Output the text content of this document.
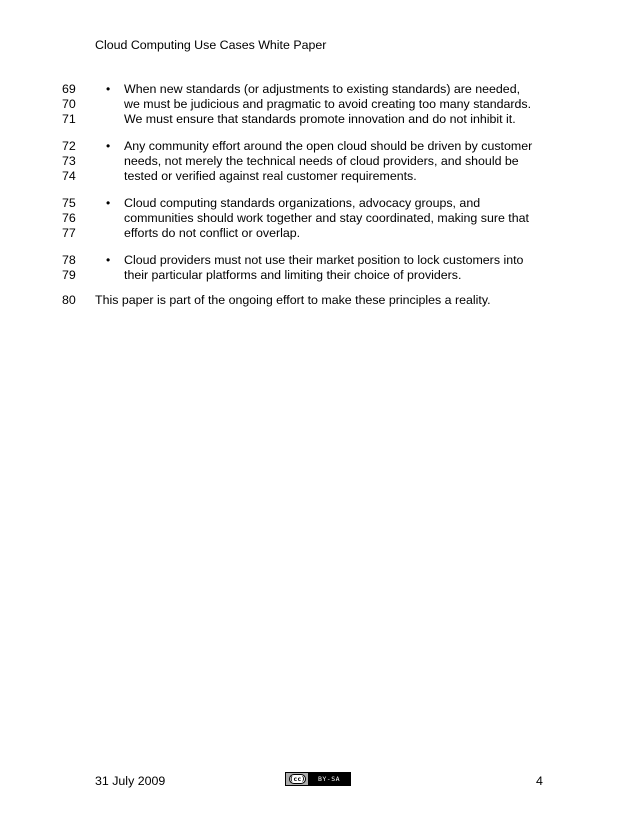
Cloud Computing Use Cases White Paper
69	• When new standards (or adjustments to existing standards) are needed,
70	we must be judicious and pragmatic to avoid creating too many standards.
71	We must ensure that standards promote innovation and do not inhibit it.
72	• Any community effort around the open cloud should be driven by customer
73	needs, not merely the technical needs of cloud providers, and should be
74	tested or verified against real customer requirements.
75	• Cloud computing standards organizations, advocacy groups, and
76	communities should work together and stay coordinated, making sure that
77	efforts do not conflict or overlap.
78	• Cloud providers must not use their market position to lock customers into
79	their particular platforms and limiting their choice of providers.
80	This paper is part of the ongoing effort to make these principles a reality.
31 July 2009	(cc)	BY-SA	4
